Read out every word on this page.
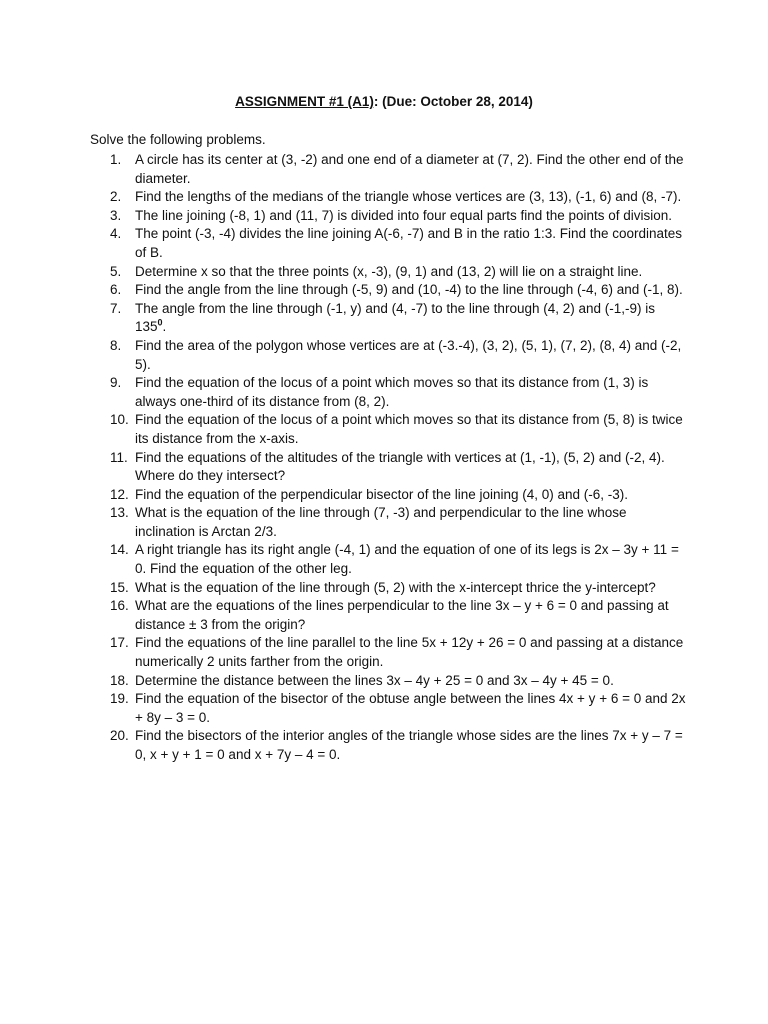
ASSIGNMENT #1 (A1): (Due: October 28, 2014)
Solve the following problems.
1. A circle has its center at (3, -2) and one end of a diameter at (7, 2). Find the other end of the diameter.
2. Find the lengths of the medians of the triangle whose vertices are (3, 13), (-1, 6) and (8, -7).
3. The line joining (-8, 1) and (11, 7) is divided into four equal parts find the points of division.
4. The point (-3, -4) divides the line joining A(-6, -7) and B in the ratio 1:3. Find the coordinates of B.
5. Determine x so that the three points (x, -3), (9, 1) and (13, 2) will lie on a straight line.
6. Find the angle from the line through (-5, 9) and (10, -4) to the line through (-4, 6) and (-1, 8).
7. The angle from the line through (-1, y) and (4, -7) to the line through (4, 2) and (-1,-9) is $135^0$.
8. Find the area of the polygon whose vertices are at (-3.-4), (3, 2), (5, 1), (7, 2), (8, 4) and (-2, 5).
9. Find the equation of the locus of a point which moves so that its distance from (1, 3) is always one-third of its distance from (8, 2).
10. Find the equation of the locus of a point which moves so that its distance from (5, 8) is twice its distance from the x-axis.
11. Find the equations of the altitudes of the triangle with vertices at (1, -1), (5, 2) and (-2, 4). Where do they intersect?
12. Find the equation of the perpendicular bisector of the line joining (4, 0) and (-6, -3).
13. What is the equation of the line through (7, -3) and perpendicular to the line whose inclination is Arctan 2/3.
14. A right triangle has its right angle (-4, 1) and the equation of one of its legs is 2x – 3y + 11 = 0. Find the equation of the other leg.
15. What is the equation of the line through (5, 2) with the x-intercept thrice the y-intercept?
16. What are the equations of the lines perpendicular to the line 3x – y + 6 = 0 and passing at distance ± 3 from the origin?
17. Find the equations of the line parallel to the line 5x + 12y + 26 = 0 and passing at a distance numerically 2 units farther from the origin.
18. Determine the distance between the lines 3x – 4y + 25 = 0 and 3x – 4y + 45 = 0.
19. Find the equation of the bisector of the obtuse angle between the lines 4x + y + 6 = 0 and 2x + 8y – 3 = 0.
20. Find the bisectors of the interior angles of the triangle whose sides are the lines 7x + y – 7 = 0, x + y + 1 = 0 and x + 7y – 4 = 0.
